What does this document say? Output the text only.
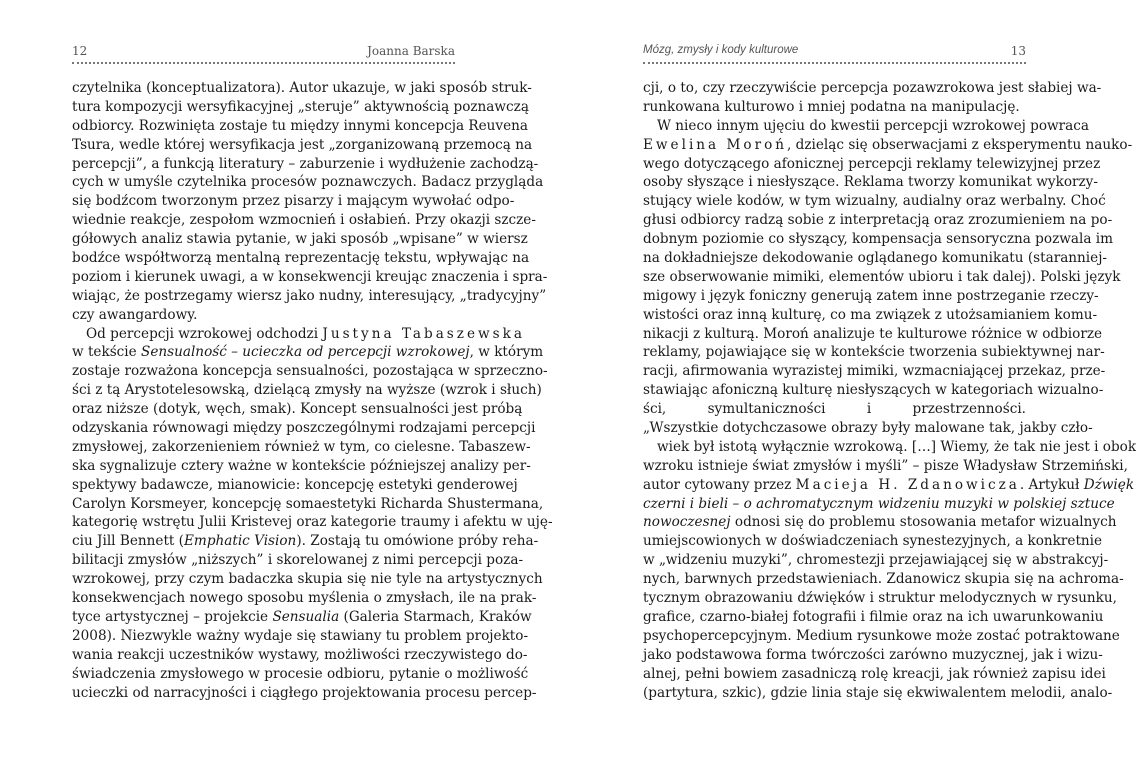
12	Joanna Barska
czytelnika (konceptualizatora). Autor ukazuje, w jaki sposób struk-
tura kompozycji wersyfikacyjnej „steruje” aktywnością poznawczą
odbiorcy. Rozwinięta zostaje tu między innymi koncepcja Reuvena
Tsura, wedle której wersyfikacja jest „zorganizowaną przemocą na
percepcji”, a funkcją literatury – zaburzenie i wydłużenie zachodzą-
cych w umyśle czytelnika procesów poznawczych. Badacz przygląda
się bodźcom tworzonym przez pisarzy i mającym wywołać odpo-
wiednie reakcje, zespołom wzmocnień i osłabień. Przy okazji szcze-
gółowych analiz stawia pytanie, w jaki sposób „wpisane” w wiersz
bodźce współtworzą mentalną reprezentację tekstu, wpływając na
poziom i kierunek uwagi, a w konsekwencji kreując znaczenia i spra-
wiając, że postrzegamy wiersz jako nudny, interesujący, „tradycyjny”
czy awangardowy.
Od percepcji wzrokowej odchodzi Justyna Tabaszewska
w tekście Sensualność – ucieczka od percepcji wzrokowej, w którym
zostaje rozważona koncepcja sensualności, pozostająca w sprzeczno-
ści z tą Arystotelesowską, dzielącą zmysły na wyższe (wzrok i słuch)
oraz niższe (dotyk, węch, smak). Koncept sensualności jest próbą
odzyskania równowagi między poszczególnymi rodzajami percepcji
zmysłowej, zakorzenieniem również w tym, co cielesne. Tabaszew-
ska sygnalizuje cztery ważne w kontekście późniejszej analizy per-
spektywy badawcze, mianowicie: koncepcję estetyki genderowej
Carolyn Korsmeyer, koncepcję somaestetyki Richarda Shustermana,
kategorię wstrętu Julii Kristevej oraz kategorie traumy i afektu w uję-
ciu Jill Bennett (Emphatic Vision). Zostają tu omówione próby reha-
bilitacji zmysłów „niższych” i skorelowanej z nimi percepcji poza-
wzrokowej, przy czym badaczka skupia się nie tyle na artystycznych
konsekwencjach nowego sposobu myślenia o zmysłach, ile na prak-
tyce artystycznej – projekcie Sensualia (Galeria Starmach, Kraków
2008). Niezwykle ważny wydaje się stawiany tu problem projekto-
wania reakcji uczestników wystawy, możliwości rzeczywistego do-
świadczenia zmysłowego w procesie odbioru, pytanie o możliwość
ucieczki od narracyjności i ciągłego projektowania procesu percep-
Mózg, zmysły i kody kulturowe	13
cji, o to, czy rzeczywiście percepcja pozawzrokowa jest słabiej wa-
runkowana kulturowo i mniej podatna na manipulację.
W nieco innym ujęciu do kwestii percepcji wzrokowej powraca
Ewelina Moroń, dzieląc się obserwacjami z eksperymentu nauko-
wego dotyczącego afonicznej percepcji reklamy telewizyjnej przez
osoby słyszące i niesłyszące. Reklama tworzy komunikat wykorzy-
stujący wiele kodów, w tym wizualny, audialny oraz werbalny. Choć
głusi odbiorcy radzą sobie z interpretacją oraz zrozumieniem na po-
dobnym poziomie co słyszący, kompensacja sensoryczna pozwala im
na dokładniejsze dekodowanie oglądanego komunikatu (staranniej-
sze obserwowanie mimiki, elementów ubioru i tak dalej). Polski język
migowy i język foniczny generują zatem inne postrzeganie rzeczy-
wistości oraz inną kulturę, co ma związek z utożsamianiem komu-
nikacji z kulturą. Moroń analizuje te kulturowe różnice w odbiorze
reklamy, pojawiające się w kontekście tworzenia subiektywnej nar-
racji, afirmowania wyrazistej mimiki, wzmacniającej przekaz, prze-
stawiając afoniczną kulturę niesłyszących w kategoriach wizualno-
ści, symultaniczności i przestrzenności.
„Wszystkie dotychczasowe obrazy były malowane tak, jakby czło-
wiek był istotą wyłącznie wzrokową. […] Wiemy, że tak nie jest i obok
wzroku istnieje świat zmysłów i myśli” – pisze Władysław Strzemiński,
autor cytowany przez Macieja H. Zdanowicza. Artykuł Dźwięk
czerni i bieli – o achromatycznym widzeniu muzyki w polskiej sztuce
nowoczesnej odnosi się do problemu stosowania metafor wizualnych
umiejscowionych w doświadczeniach synestezyjnych, a konkretnie
w „widzeniu muzyki”, chromestezji przejawiającej się w abstrakcyj-
nych, barwnych przedstawieniach. Zdanowicz skupia się na achroma-
tycznym obrazowaniu dźwięków i struktur melodycznych w rysunku,
grafice, czarno-białej fotografii i filmie oraz na ich uwarunkowaniu
psychopercepcyjnym. Medium rysunkowe może zostać potraktowane
jako podstawowa forma twórczości zarówno muzycznej, jak i wizu-
alnej, pełni bowiem zasadniczą rolę kreacji, jak również zapisu idei
(partytura, szkic), gdzie linia staje się ekwiwalentem melodii, analo-
